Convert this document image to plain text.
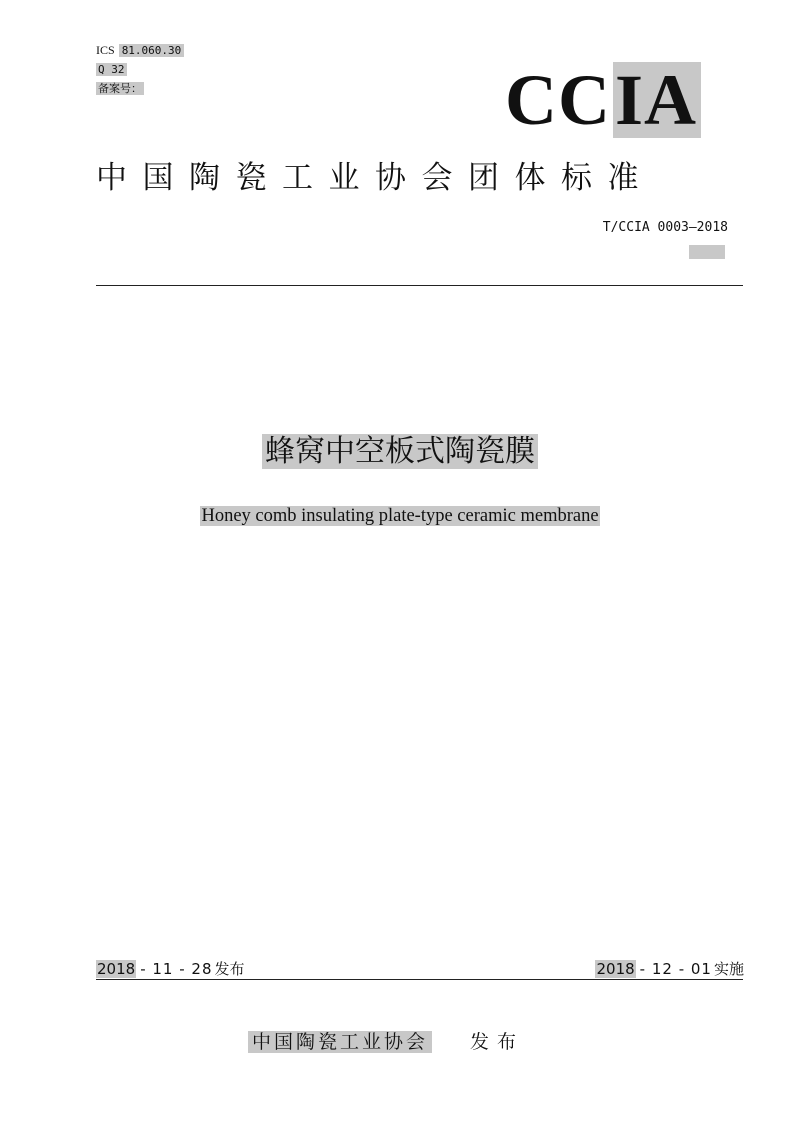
ICS 81.060.30
Q 32
备案号：	CC IA
中国陶瓷工业协会团体标准
T/CCIA 0003—2018
蜂窝中空板式陶瓷膜
Honey comb insulating plate-type ceramic membrane
2018 - 11 - 28 发布	2018 - 12 - 01 实施
中国陶瓷工业协会 发布
